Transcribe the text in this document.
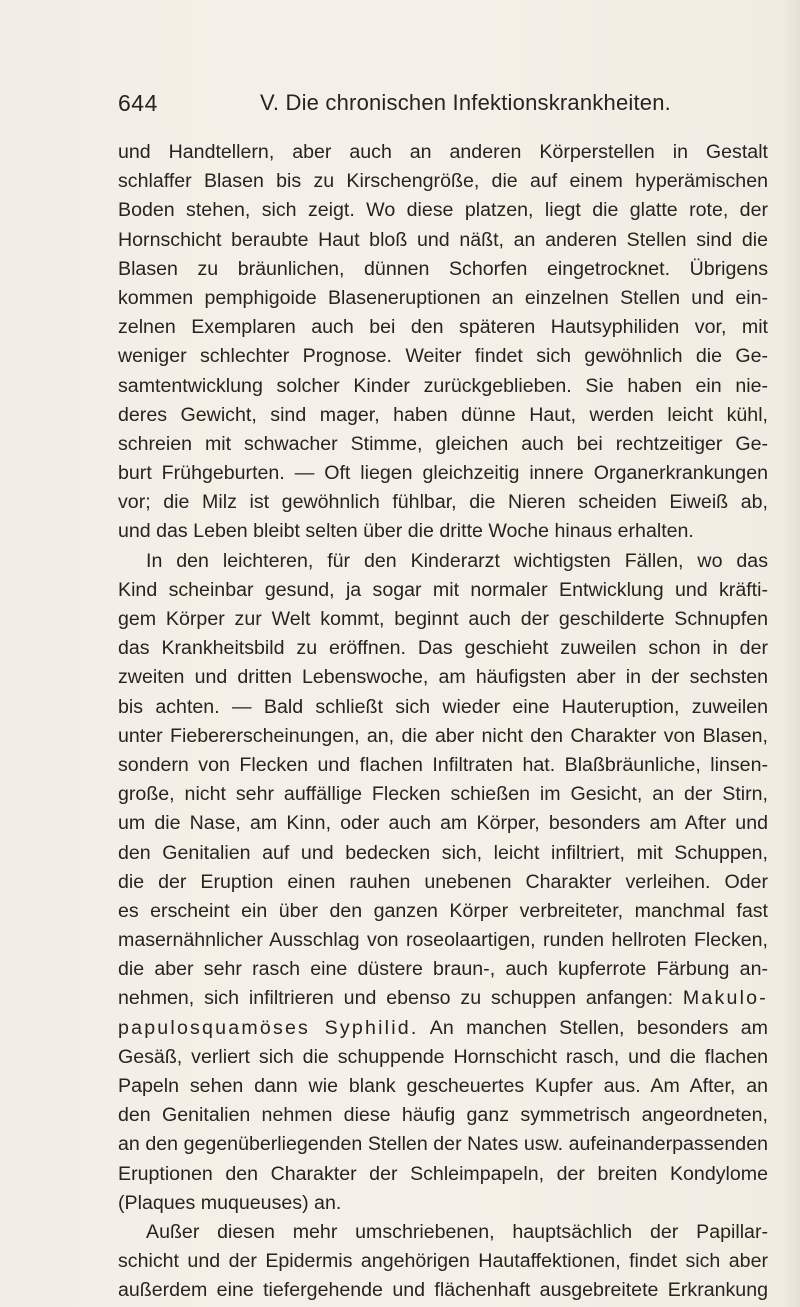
644	V. Die chronischen Infektionskrankheiten.
und Handtellern, aber auch an anderen Körperstellen in Gestalt
schlaffer Blasen bis zu Kirschengröße, die auf einem hyperämischen
Boden stehen, sich zeigt. Wo diese platzen, liegt die glatte rote, der
Hornschicht beraubte Haut bloß und näßt, an anderen Stellen sind die
Blasen zu bräunlichen, dünnen Schorfen eingetrocknet. Übrigens
kommen pemphigoide Blaseneruptionen an einzelnen Stellen und ein-
zelnen Exemplaren auch bei den späteren Hautsyphiliden vor, mit
weniger schlechter Prognose. Weiter findet sich gewöhnlich die Ge-
samtentwicklung solcher Kinder zurückgeblieben. Sie haben ein nie-
deres Gewicht, sind mager, haben dünne Haut, werden leicht kühl,
schreien mit schwacher Stimme, gleichen auch bei rechtzeitiger Ge-
burt Frühgeburten. — Oft liegen gleichzeitig innere Organerkrankungen
vor; die Milz ist gewöhnlich fühlbar, die Nieren scheiden Eiweiß ab,
und das Leben bleibt selten über die dritte Woche hinaus erhalten.
In den leichteren, für den Kinderarzt wichtigsten Fällen, wo das
Kind scheinbar gesund, ja sogar mit normaler Entwicklung und kräfti-
gem Körper zur Welt kommt, beginnt auch der geschilderte Schnupfen
das Krankheitsbild zu eröffnen. Das geschieht zuweilen schon in der
zweiten und dritten Lebenswoche, am häufigsten aber in der sechsten
bis achten. — Bald schließt sich wieder eine Hauteruption, zuweilen
unter Fiebererscheinungen, an, die aber nicht den Charakter von Blasen,
sondern von Flecken und flachen Infiltraten hat. Blaßbräunliche, linsen-
große, nicht sehr auffällige Flecken schießen im Gesicht, an der Stirn,
um die Nase, am Kinn, oder auch am Körper, besonders am After und
den Genitalien auf und bedecken sich, leicht infiltriert, mit Schuppen,
die der Eruption einen rauhen unebenen Charakter verleihen. Oder
es erscheint ein über den ganzen Körper verbreiteter, manchmal fast
masernähnlicher Ausschlag von roseolaartigen, runden hellroten Flecken,
die aber sehr rasch eine düstere braun-, auch kupferrote Färbung an-
nehmen, sich infiltrieren und ebenso zu schuppen anfangen: Makulo-
papulosquamöses Syphilid. An manchen Stellen, besonders am
Gesäß, verliert sich die schuppende Hornschicht rasch, und die flachen
Papeln sehen dann wie blank gescheuertes Kupfer aus. Am After, an
den Genitalien nehmen diese häufig ganz symmetrisch angeordneten,
an den gegenüberliegenden Stellen der Nates usw. aufeinanderpassenden
Eruptionen den Charakter der Schleimpapeln, der breiten Kondylome
(Plaques muqueuses) an.
Außer diesen mehr umschriebenen, hauptsächlich der Papillar-
schicht und der Epidermis angehörigen Hautaffektionen, findet sich aber
außerdem eine tiefergehende und flächenhaft ausgebreitete Erkrankung
